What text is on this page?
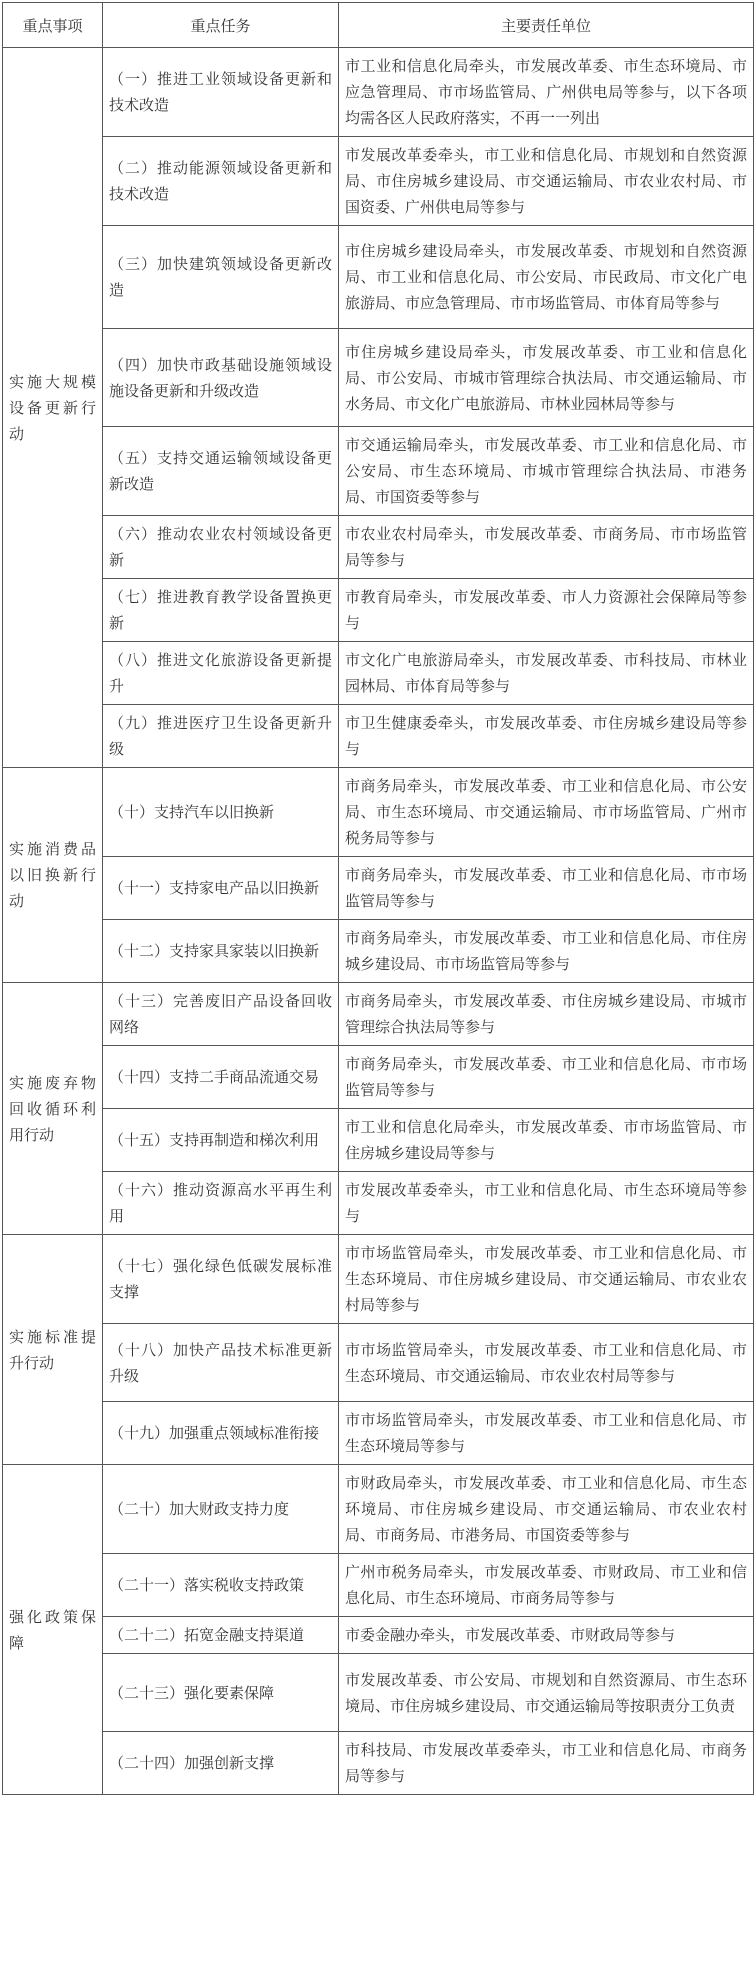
重点事项	重点任务	主要责任单位
实施大规模设备更新行动	（一）推进工业领域设备更新和技术改造	市工业和信息化局牵头，市发展改革委、市生态环境局、市应急管理局、市市场监管局、广州供电局等参与，以下各项均需各区人民政府落实，不再一一列出
	（二）推动能源领域设备更新和技术改造	市发展改革委牵头，市工业和信息化局、市规划和自然资源局、市住房城乡建设局、市交通运输局、市农业农村局、市国资委、广州供电局等参与
	（三）加快建筑领域设备更新改造	市住房城乡建设局牵头，市发展改革委、市规划和自然资源局、市工业和信息化局、市公安局、市民政局、市文化广电旅游局、市应急管理局、市市场监管局、市体育局等参与
	（四）加快市政基础设施领域设施设备更新和升级改造	市住房城乡建设局牵头，市发展改革委、市工业和信息化局、市公安局、市城市管理综合执法局、市交通运输局、市水务局、市文化广电旅游局、市林业园林局等参与
	（五）支持交通运输领域设备更新改造	市交通运输局牵头，市发展改革委、市工业和信息化局、市公安局、市生态环境局、市城市管理综合执法局、市港务局、市国资委等参与
	（六）推动农业农村领域设备更新	市农业农村局牵头，市发展改革委、市商务局、市市场监管局等参与
	（七）推进教育教学设备置换更新	市教育局牵头，市发展改革委、市人力资源社会保障局等参与
	（八）推进文化旅游设备更新提升	市文化广电旅游局牵头，市发展改革委、市科技局、市林业园林局、市体育局等参与
	（九）推进医疗卫生设备更新升级	市卫生健康委牵头，市发展改革委、市住房城乡建设局等参与
实施消费品以旧换新行动	（十）支持汽车以旧换新	市商务局牵头，市发展改革委、市工业和信息化局、市公安局、市生态环境局、市交通运输局、市市场监管局、广州市税务局等参与
	（十一）支持家电产品以旧换新	市商务局牵头，市发展改革委、市工业和信息化局、市市场监管局等参与
	（十二）支持家具家装以旧换新	市商务局牵头，市发展改革委、市工业和信息化局、市住房城乡建设局、市市场监管局等参与
实施废弃物回收循环利用行动	（十三）完善废旧产品设备回收网络	市商务局牵头，市发展改革委、市住房城乡建设局、市城市管理综合执法局等参与
	（十四）支持二手商品流通交易	市商务局牵头，市发展改革委、市工业和信息化局、市市场监管局等参与
	（十五）支持再制造和梯次利用	市工业和信息化局牵头，市发展改革委、市市场监管局、市住房城乡建设局等参与
	（十六）推动资源高水平再生利用	市发展改革委牵头，市工业和信息化局、市生态环境局等参与
实施标准提升行动	（十七）强化绿色低碳发展标准支撑	市市场监管局牵头，市发展改革委、市工业和信息化局、市生态环境局、市住房城乡建设局、市交通运输局、市农业农村局等参与
	（十八）加快产品技术标准更新升级	市市场监管局牵头，市发展改革委、市工业和信息化局、市生态环境局、市交通运输局、市农业农村局等参与
	（十九）加强重点领域标准衔接	市市场监管局牵头，市发展改革委、市工业和信息化局、市生态环境局等参与
强化政策保障	（二十）加大财政支持力度	市财政局牵头，市发展改革委、市工业和信息化局、市生态环境局、市住房城乡建设局、市交通运输局、市农业农村局、市商务局、市港务局、市国资委等参与
	（二十一）落实税收支持政策	广州市税务局牵头，市发展改革委、市财政局、市工业和信息化局、市生态环境局、市商务局等参与
	（二十二）拓宽金融支持渠道	市委金融办牵头，市发展改革委、市财政局等参与
	（二十三）强化要素保障	市发展改革委、市公安局、市规划和自然资源局、市生态环境局、市住房城乡建设局、市交通运输局等按职责分工负责
	（二十四）加强创新支撑	市科技局、市发展改革委牵头，市工业和信息化局、市商务局等参与
